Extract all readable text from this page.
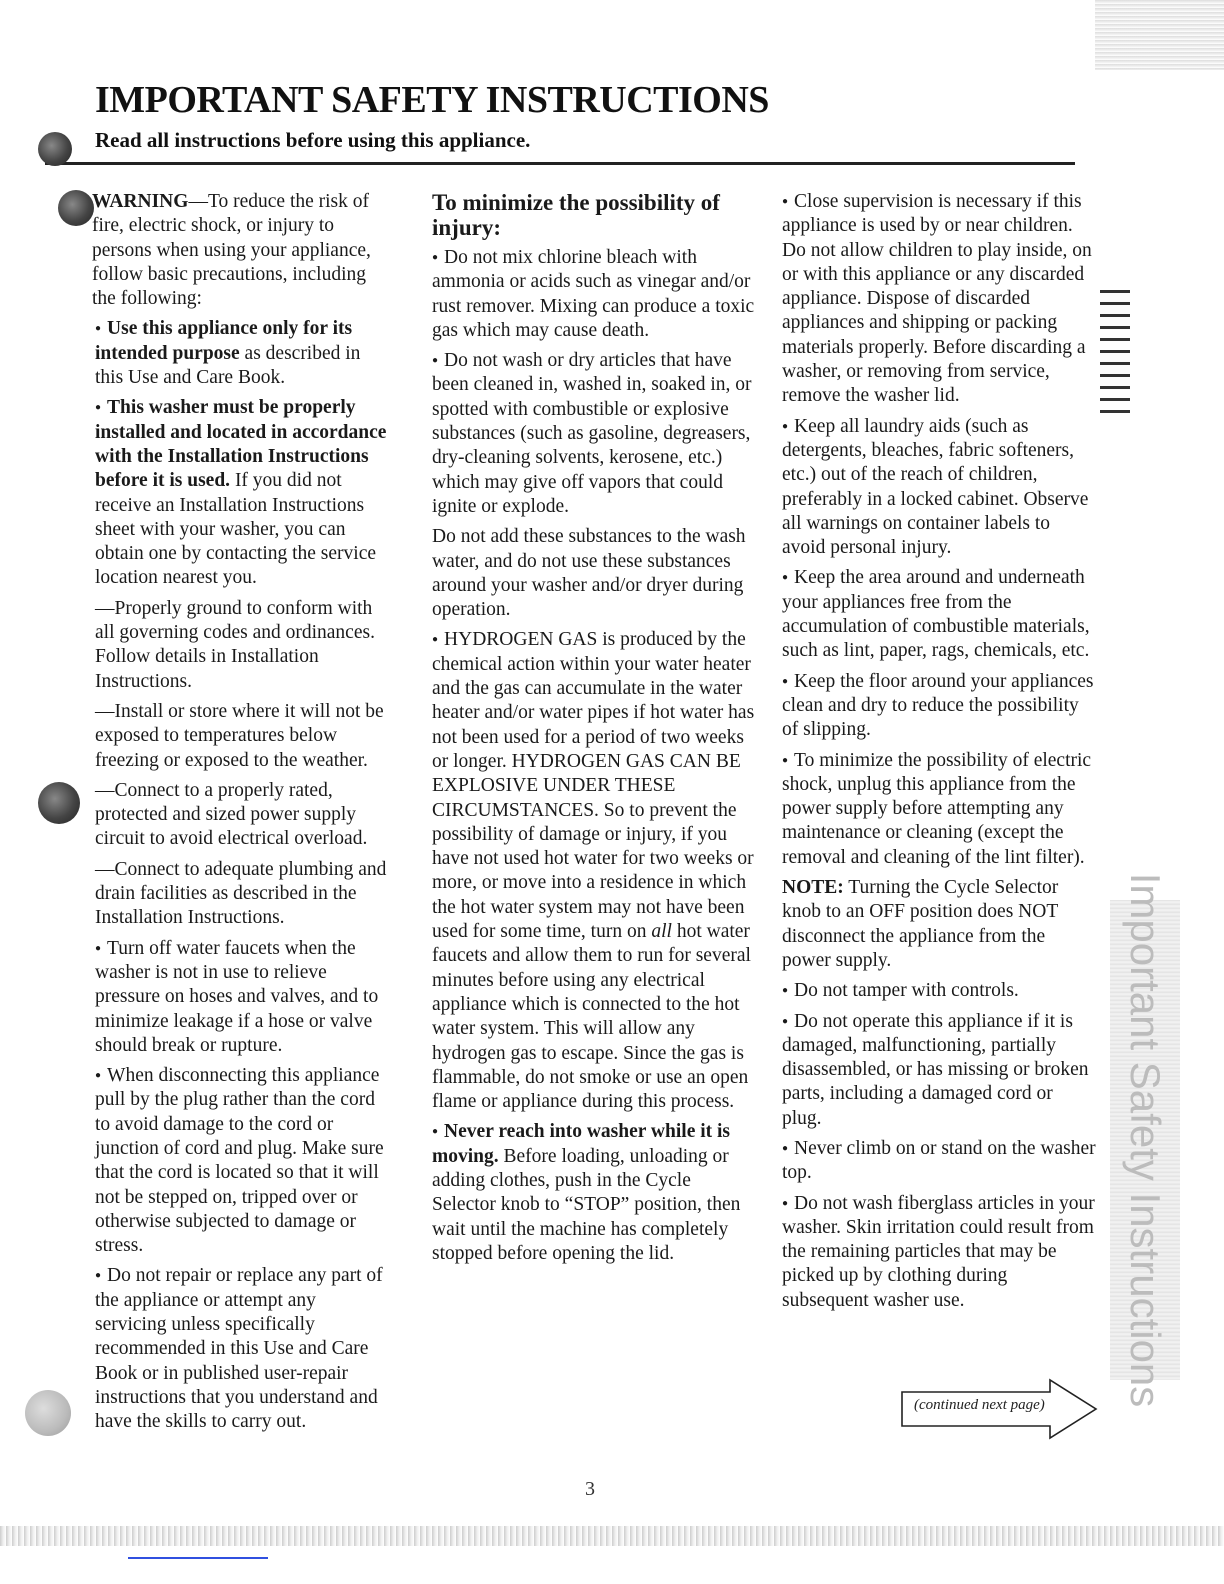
IMPORTANT SAFETY INSTRUCTIONS
Read all instructions before using this appliance.

WARNING—To reduce the risk of fire, electric shock, or injury to persons when using your appliance, follow basic precautions, including the following:

● Use this appliance only for its intended purpose as described in this Use and Care Book.

● This washer must be properly installed and located in accordance with the Installation Instructions before it is used. If you did not receive an Installation Instructions sheet with your washer, you can obtain one by contacting the service location nearest you.

—Properly ground to conform with all governing codes and ordinances. Follow details in Installation Instructions.

—Install or store where it will not be exposed to temperatures below freezing or exposed to the weather.

—Connect to a properly rated, protected and sized power supply circuit to avoid electrical overload.

—Connect to adequate plumbing and drain facilities as described in the Installation Instructions.

● Turn off water faucets when the washer is not in use to relieve pressure on hoses and valves, and to minimize leakage if a hose or valve should break or rupture.

● When disconnecting this appliance pull by the plug rather than the cord to avoid damage to the cord or junction of cord and plug. Make sure that the cord is located so that it will not be stepped on, tripped over or otherwise subjected to damage or stress.

● Do not repair or replace any part of the appliance or attempt any servicing unless specifically recommended in this Use and Care Book or in published user-repair instructions that you understand and have the skills to carry out.

To minimize the possibility of injury:

● Do not mix chlorine bleach with ammonia or acids such as vinegar and/or rust remover. Mixing can produce a toxic gas which may cause death.

● Do not wash or dry articles that have been cleaned in, washed in, soaked in, or spotted with combustible or explosive substances (such as gasoline, degreasers, dry-cleaning solvents, kerosene, etc.) which may give off vapors that could ignite or explode.

Do not add these substances to the wash water, and do not use these substances around your washer and/or dryer during operation.

● HYDROGEN GAS is produced by the chemical action within your water heater and the gas can accumulate in the water heater and/or water pipes if hot water has not been used for a period of two weeks or longer. HYDROGEN GAS CAN BE EXPLOSIVE UNDER THESE CIRCUMSTANCES. So to prevent the possibility of damage or injury, if you have not used hot water for two weeks or more, or move into a residence in which the hot water system may not have been used for some time, turn on all hot water faucets and allow them to run for several minutes before using any electrical appliance which is connected to the hot water system. This will allow any hydrogen gas to escape. Since the gas is flammable, do not smoke or use an open flame or appliance during this process.

● Never reach into washer while it is moving. Before loading, unloading or adding clothes, push in the Cycle Selector knob to “STOP” position, then wait until the machine has completely stopped before opening the lid.

● Close supervision is necessary if this appliance is used by or near children. Do not allow children to play inside, on or with this appliance or any discarded appliance. Dispose of discarded appliances and shipping or packing materials properly. Before discarding a washer, or removing from service, remove the washer lid.

● Keep all laundry aids (such as detergents, bleaches, fabric softeners, etc.) out of the reach of children, preferably in a locked cabinet. Observe all warnings on container labels to avoid personal injury.

● Keep the area around and underneath your appliances free from the accumulation of combustible materials, such as lint, paper, rags, chemicals, etc.

● Keep the floor around your appliances clean and dry to reduce the possibility of slipping.

● To minimize the possibility of electric shock, unplug this appliance from the power supply before attempting any maintenance or cleaning (except the removal and cleaning of the lint filter).

NOTE: Turning the Cycle Selector knob to an OFF position does NOT disconnect the appliance from the power supply.

● Do not tamper with controls.

● Do not operate this appliance if it is damaged, malfunctioning, partially disassembled, or has missing or broken parts, including a damaged cord or plug.

● Never climb on or stand on the washer top.

● Do not wash fiberglass articles in your washer. Skin irritation could result from the remaining particles that may be picked up by clothing during subsequent washer use.

(continued next page)
3
Important Safety Instructions
